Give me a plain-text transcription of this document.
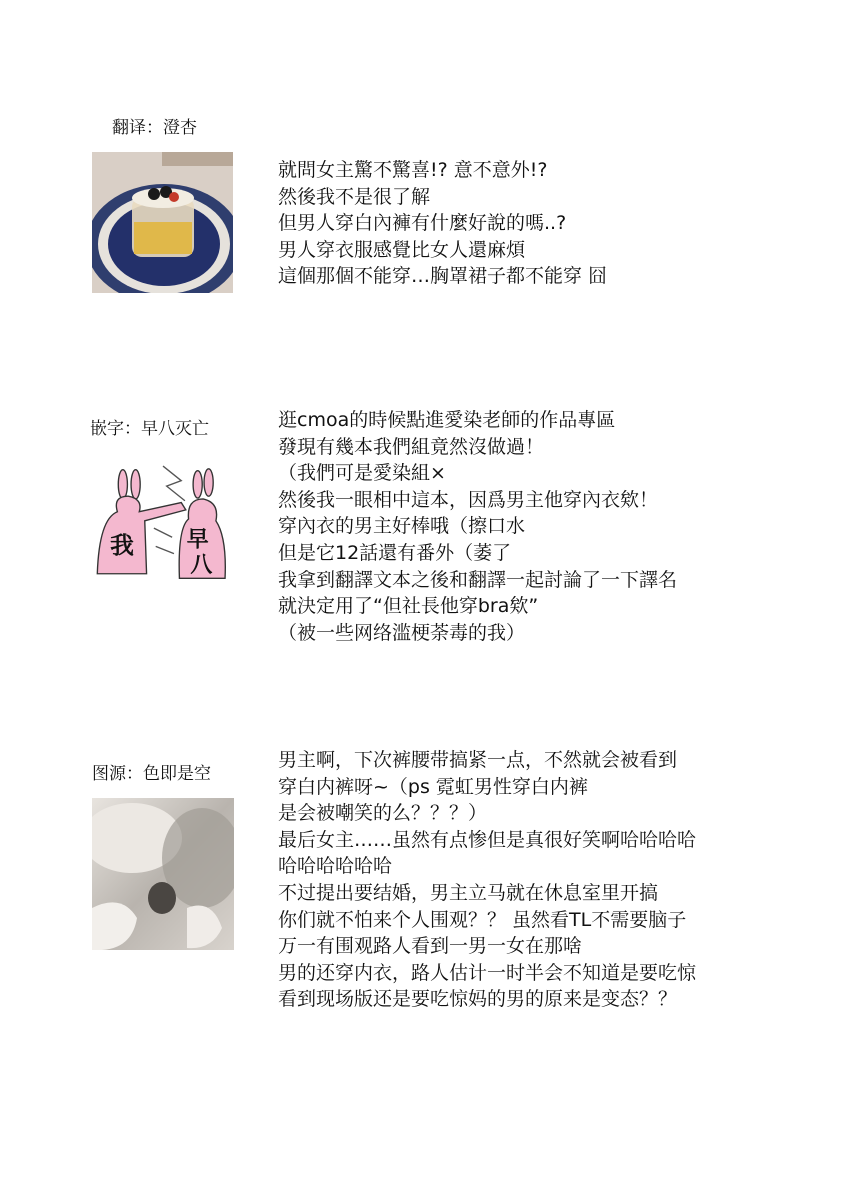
翻译：澄杏
就問女主驚不驚喜!? 意不意外!?
然後我不是很了解
但男人穿白內褲有什麼好說的嗎..?
男人穿衣服感覺比女人還麻煩
這個那個不能穿…胸罩裙子都不能穿 囧
嵌字：早八灭亡
我 早
八
逛cmoa的時候點進愛染老師的作品專區
發現有幾本我們組竟然沒做過！
（我們可是愛染組×
然後我一眼相中這本，因爲男主他穿內衣欸！
穿內衣的男主好棒哦（擦口水
但是它12話還有番外（萎了
我拿到翻譯文本之後和翻譯一起討論了一下譯名
就決定用了“但社長他穿bra欸”
（被一些网络滥梗荼毒的我）
图源：色即是空
男主啊，下次裤腰带搞紧一点，不然就会被看到
穿白内裤呀~（ps 霓虹男性穿白内裤
是会被嘲笑的么？？？）
最后女主……虽然有点惨但是真很好笑啊哈哈哈哈
哈哈哈哈哈哈
不过提出要结婚，男主立马就在休息室里开搞
你们就不怕来个人围观？？ 虽然看TL不需要脑子
万一有围观路人看到一男一女在那啥
男的还穿内衣，路人估计一时半会不知道是要吃惊
看到现场版还是要吃惊妈的男的原来是变态？？
